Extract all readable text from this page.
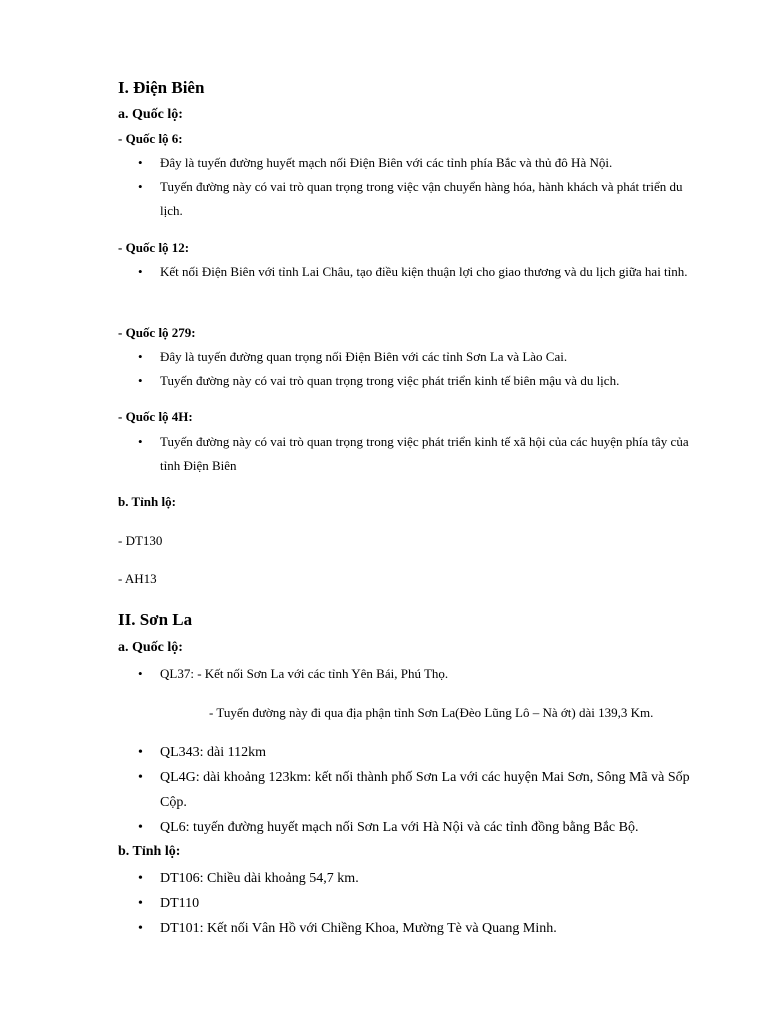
I. Điện Biên
a. Quốc lộ:
- Quốc lộ 6:
• Đây là tuyến đường huyết mạch nối Điện Biên với các tỉnh phía Bắc và thủ đô Hà Nội.
• Tuyến đường này có vai trò quan trọng trong việc vận chuyển hàng hóa, hành khách và phát triển du lịch.
- Quốc lộ 12:
• Kết nối Điện Biên với tỉnh Lai Châu, tạo điều kiện thuận lợi cho giao thương và du lịch giữa hai tỉnh.
- Quốc lộ 279:
• Đây là tuyến đường quan trọng nối Điện Biên với các tỉnh Sơn La và Lào Cai.
• Tuyến đường này có vai trò quan trọng trong việc phát triển kinh tế biên mậu và du lịch.
- Quốc lộ 4H:
• Tuyến đường này có vai trò quan trọng trong việc phát triển kinh tế xã hội của các huyện phía tây của tỉnh Điện Biên
b. Tỉnh lộ:
- DT130
- AH13
II. Sơn La
a. Quốc lộ:
• QL37: - Kết nối Sơn La với các tỉnh Yên Bái, Phú Thọ.
- Tuyến đường này đi qua địa phận tỉnh Sơn La(Đèo Lũng Lô – Nà ớt) dài 139,3 Km.
• QL343: dài 112km
• QL4G: dài khoảng 123km: kết nối thành phố Sơn La với các huyện Mai Sơn, Sông Mã và Sốp Cộp.
• QL6: tuyến đường huyết mạch nối Sơn La với Hà Nội và các tỉnh đồng bằng Bắc Bộ.
b. Tỉnh lộ:
• DT106: Chiều dài khoảng 54,7 km.
• DT110
• DT101: Kết nối Vân Hồ với Chiềng Khoa, Mường Tè và Quang Minh.
